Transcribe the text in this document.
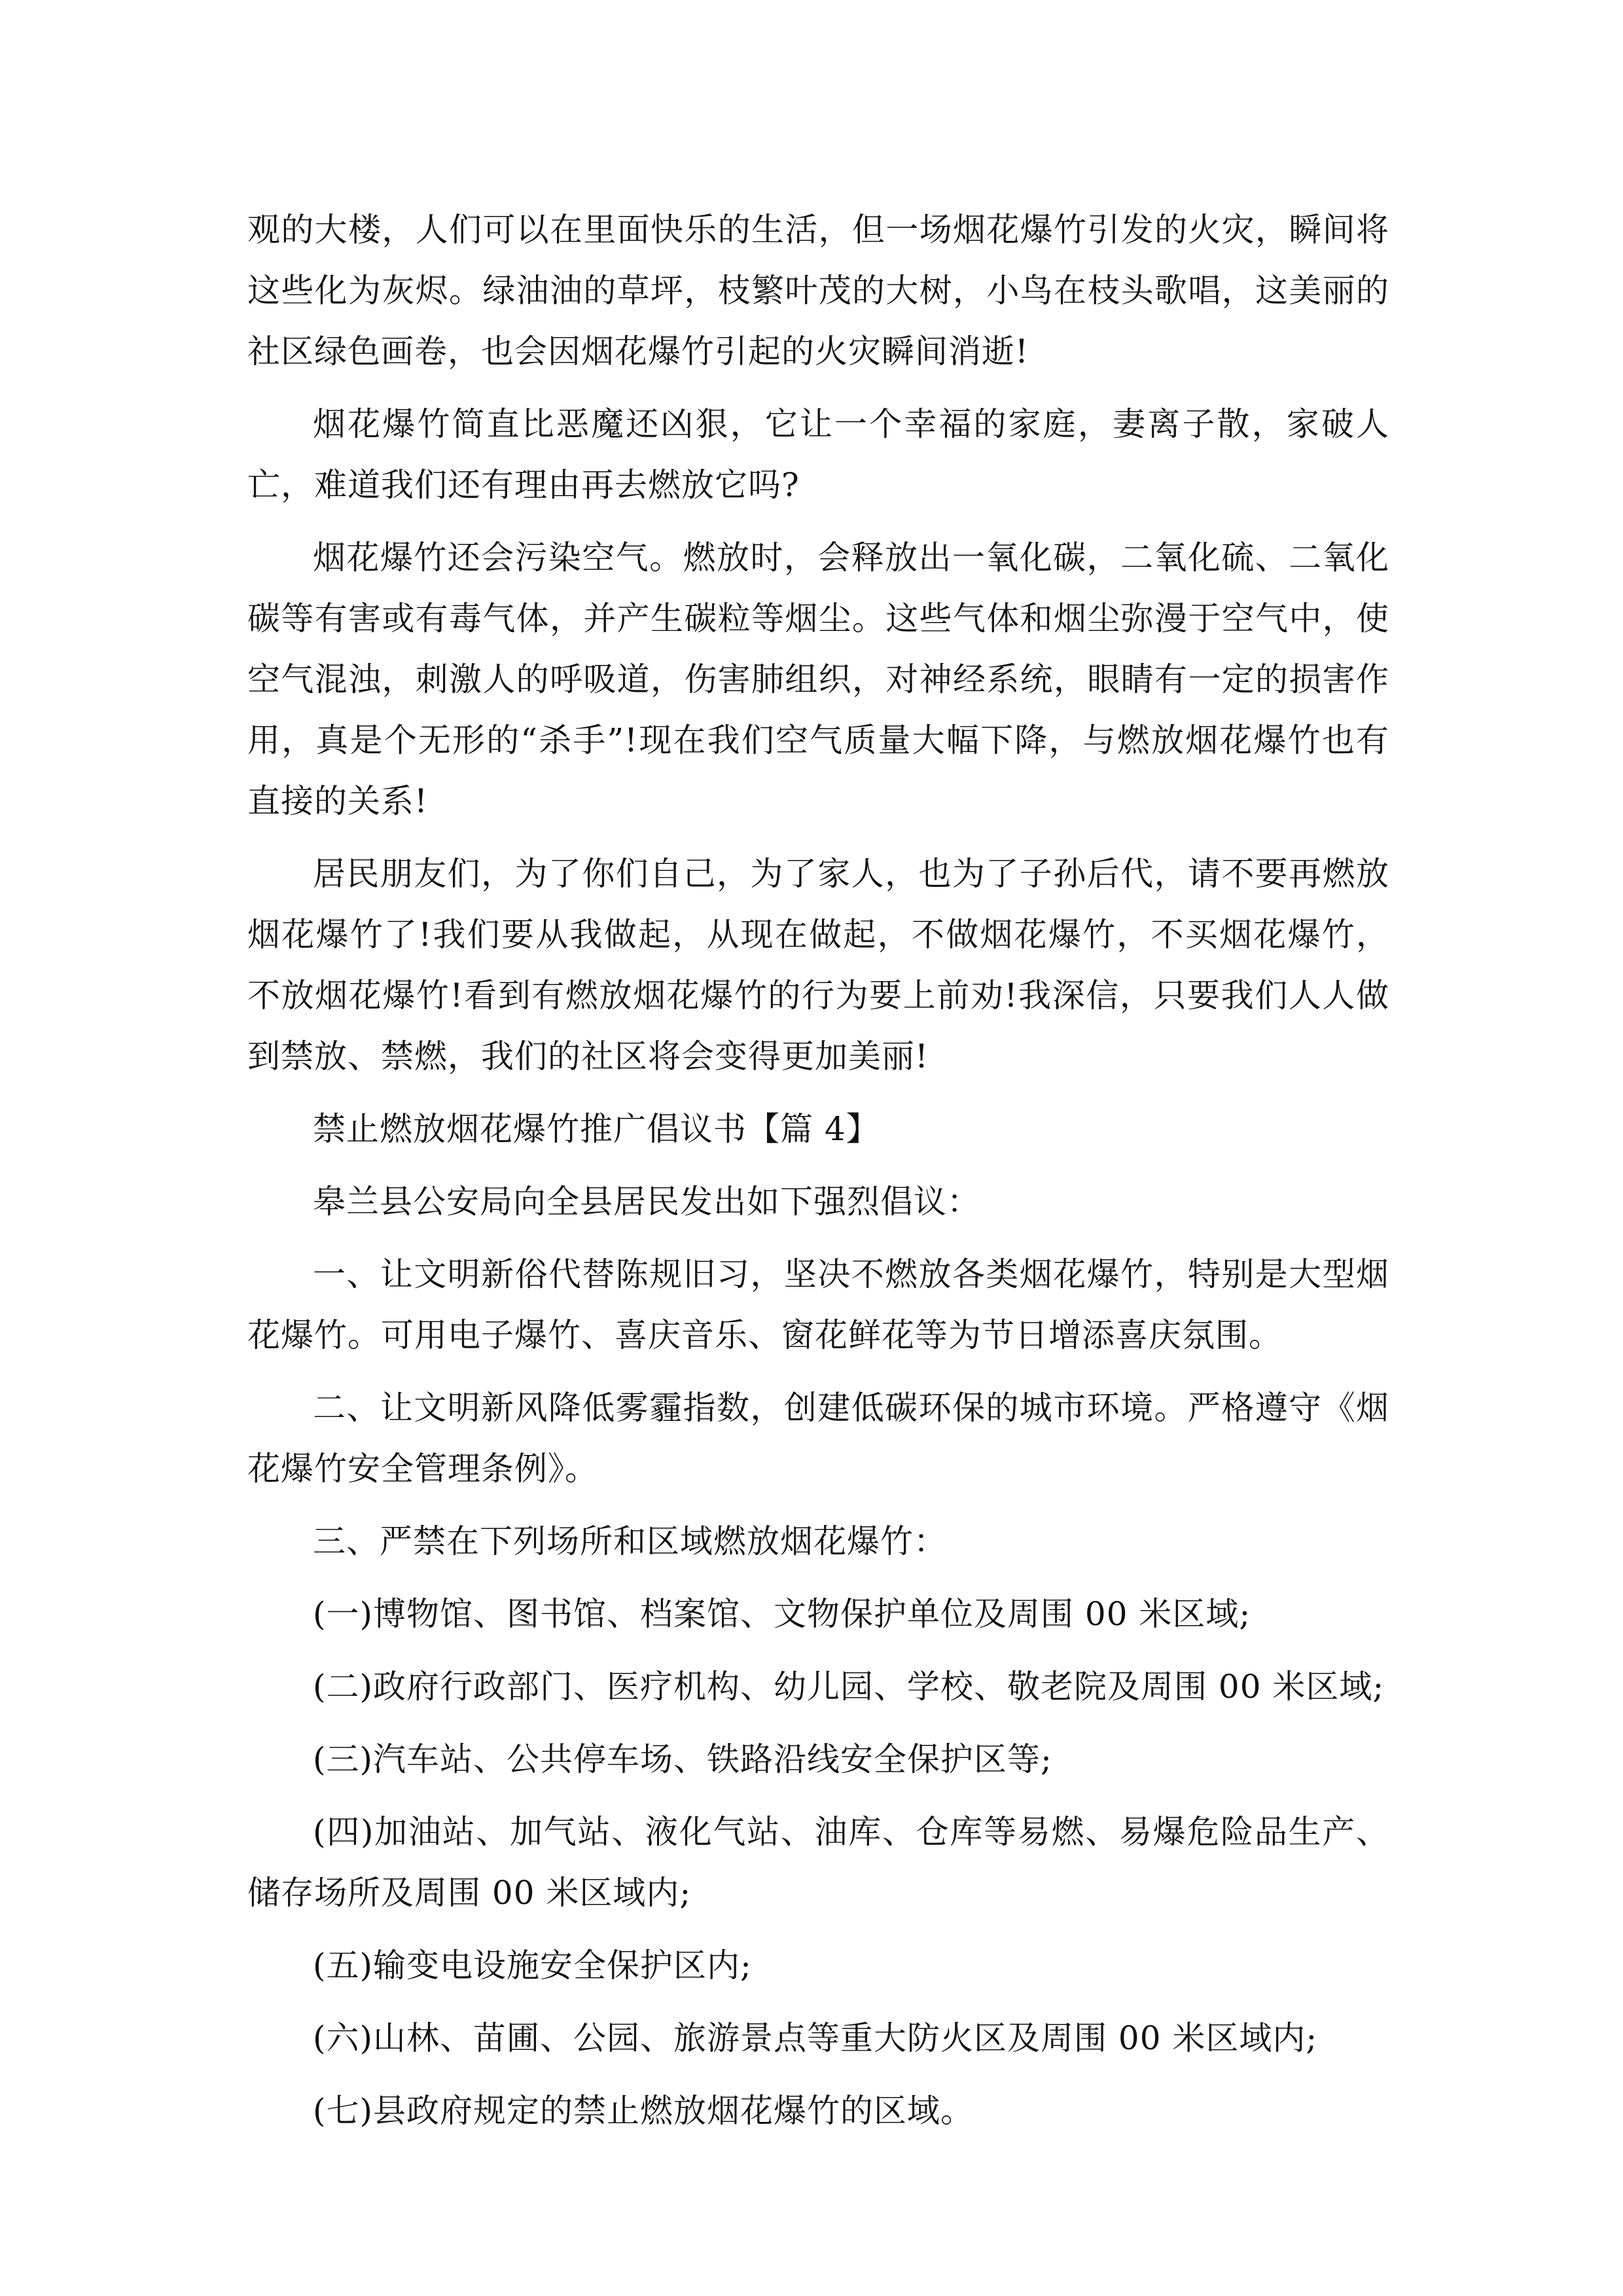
观的大楼，人们可以在里面快乐的生活，但一场烟花爆竹引发的火灾，瞬间将这些化为灰烬。绿油油的草坪，枝繁叶茂的大树，小鸟在枝头歌唱，这美丽的社区绿色画卷，也会因烟花爆竹引起的火灾瞬间消逝!

烟花爆竹简直比恶魔还凶狠，它让一个幸福的家庭，妻离子散，家破人亡，难道我们还有理由再去燃放它吗?

烟花爆竹还会污染空气。燃放时，会释放出一氧化碳，二氧化硫、二氧化碳等有害或有毒气体，并产生碳粒等烟尘。这些气体和烟尘弥漫于空气中，使空气混浊，刺激人的呼吸道，伤害肺组织，对神经系统，眼睛有一定的损害作用，真是个无形的“杀手”!现在我们空气质量大幅下降，与燃放烟花爆竹也有直接的关系!

居民朋友们，为了你们自己，为了家人，也为了子孙后代，请不要再燃放烟花爆竹了!我们要从我做起，从现在做起，不做烟花爆竹，不买烟花爆竹，不放烟花爆竹!看到有燃放烟花爆竹的行为要上前劝!我深信，只要我们人人做到禁放、禁燃，我们的社区将会变得更加美丽!

禁止燃放烟花爆竹推广倡议书【篇 4】

皋兰县公安局向全县居民发出如下强烈倡议：

一、让文明新俗代替陈规旧习，坚决不燃放各类烟花爆竹，特别是大型烟花爆竹。可用电子爆竹、喜庆音乐、窗花鲜花等为节日增添喜庆氛围。

二、让文明新风降低雾霾指数，创建低碳环保的城市环境。严格遵守《烟花爆竹安全管理条例》。

三、严禁在下列场所和区域燃放烟花爆竹：

(一)博物馆、图书馆、档案馆、文物保护单位及周围 00 米区域;

(二)政府行政部门、医疗机构、幼儿园、学校、敬老院及周围 00 米区域;

(三)汽车站、公共停车场、铁路沿线安全保护区等;

(四)加油站、加气站、液化气站、油库、仓库等易燃、易爆危险品生产、储存场所及周围 00 米区域内;

(五)输变电设施安全保护区内;

(六)山林、苗圃、公园、旅游景点等重大防火区及周围 00 米区域内;

(七)县政府规定的禁止燃放烟花爆竹的区域。
